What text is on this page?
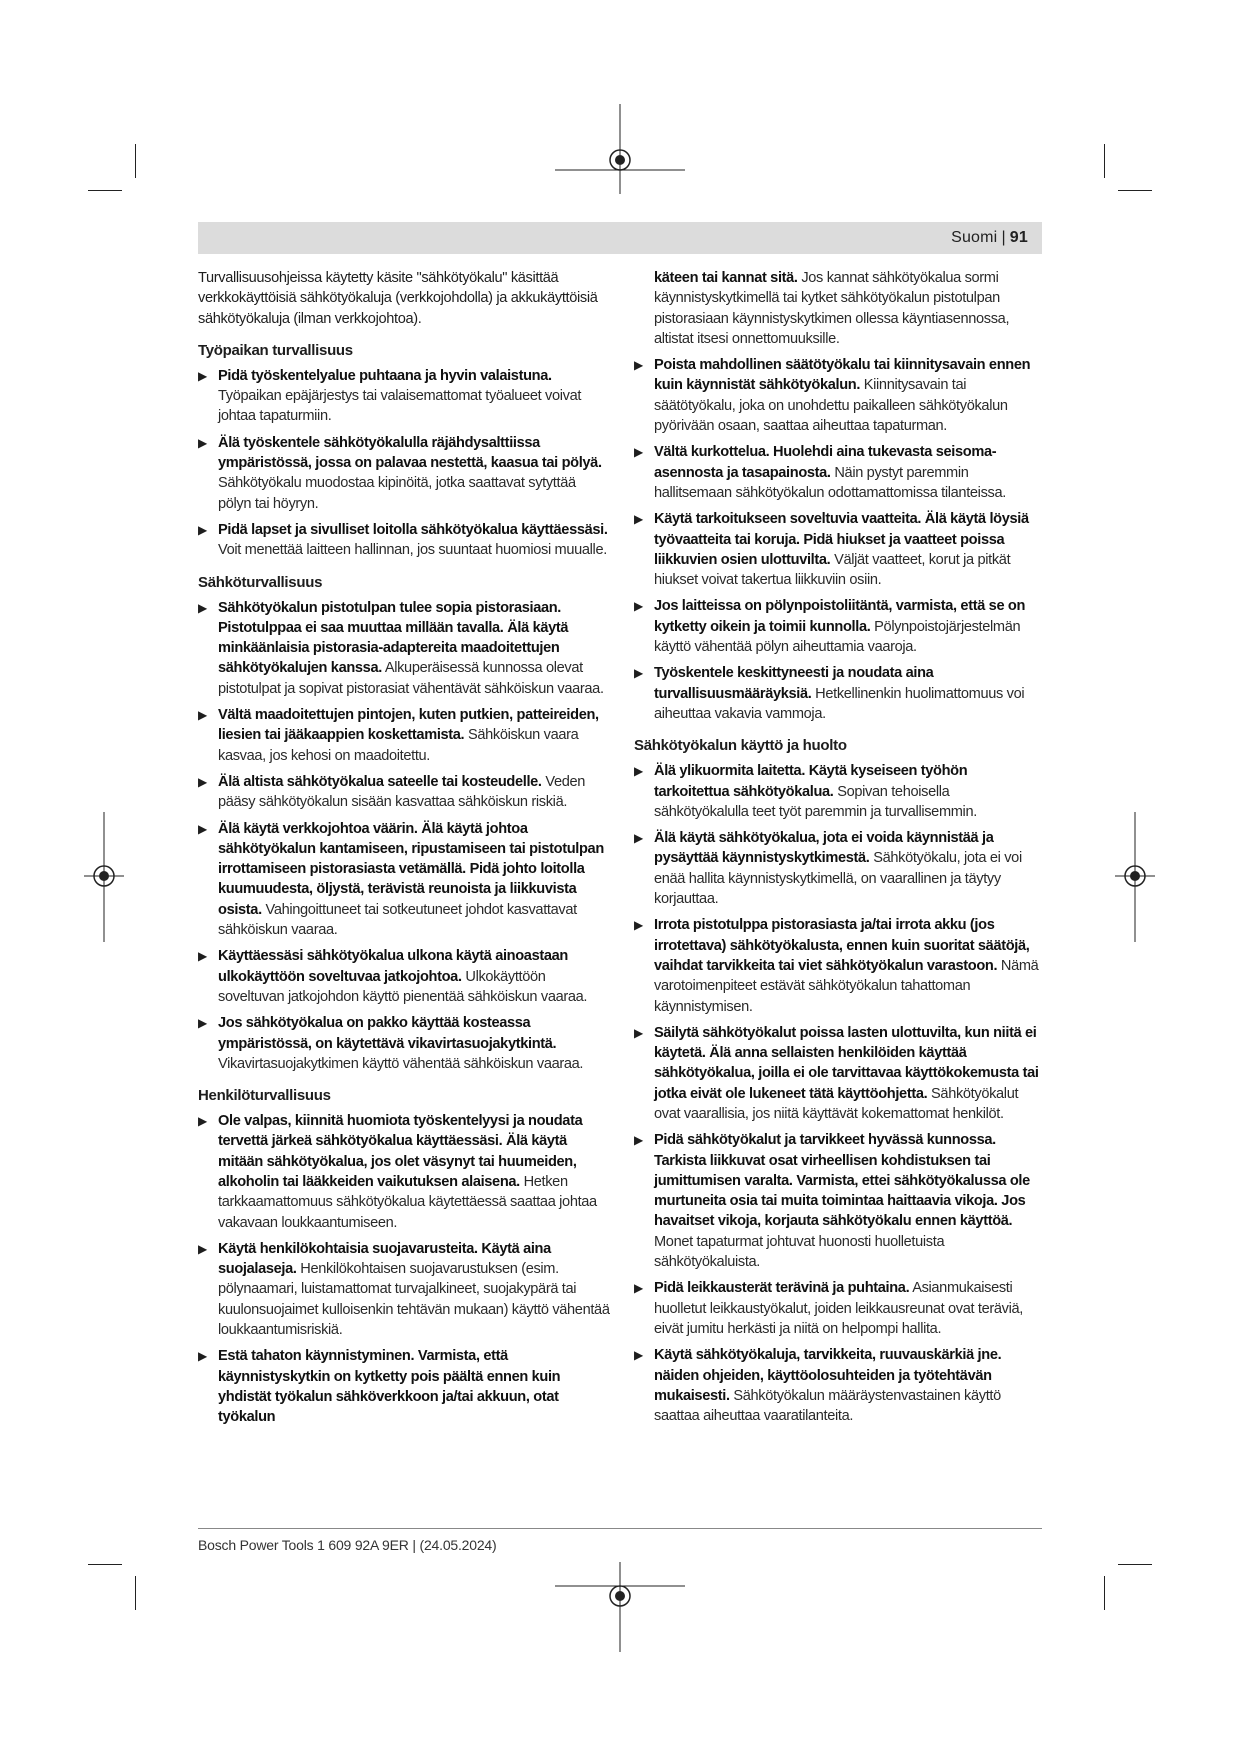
Suomi | 91

Turvallisuusohjeissa käytetty käsite "sähkötyökalu" käsittää verkkokäyttöisiä sähkötyökaluja (verkkojohdolla) ja akkukäyttöisiä sähkötyökaluja (ilman verkkojohtoa).

Työpaikan turvallisuus
▶ Pidä työskentelyalue puhtaana ja hyvin valaistuna. Työpaikan epäjärjestys tai valaisemattomat työalueet voivat johtaa tapaturmiin.
▶ Älä työskentele sähkötyökalulla räjähdysalttiissa ympäristössä, jossa on palavaa nestettä, kaasua tai pölyä. Sähkötyökalu muodostaa kipinöitä, jotka saattavat sytyttää pölyn tai höyryn.
▶ Pidä lapset ja sivulliset loitolla sähkötyökalua käyttäessäsi. Voit menettää laitteen hallinnan, jos suuntaat huomiosi muualle.
Sähköturvallisuus
▶ Sähkötyökalun pistotulpan tulee sopia pistorasiaan. Pistotulppaa ei saa muuttaa millään tavalla. Älä käytä minkäänlaisia pistorasia-adaptereita maadoitettujen sähkötyökalujen kanssa. Alkuperäisessä kunnossa olevat pistotulpat ja sopivat pistorasiat vähentävät sähköiskun vaaraa.
▶ Vältä maadoitettujen pintojen, kuten putkien, patteireiden, liesien tai jääkaappien koskettamista. Sähköiskun vaara kasvaa, jos kehosi on maadoitettu.
▶ Älä altista sähkötyökalua sateelle tai kosteudelle. Veden pääsy sähkötyökalun sisään kasvattaa sähköiskun riskiä.
▶ Älä käytä verkkojohtoa väärin. Älä käytä johtoa sähkötyökalun kantamiseen, ripustamiseen tai pistotulpan irrottamiseen pistorasiasta vetämällä. Pidä johto loitolla kuumuudesta, öljystä, terävistä reunoista ja liikkuvista osista. Vahingoittuneet tai sotkeutuneet johdot kasvattavat sähköiskun vaaraa.
▶ Käyttäessäsi sähkötyökalua ulkona käytä ainoastaan ulkokäyttöön soveltuvaa jatkojohtoa. Ulkokäyttöön soveltuvan jatkojohdon käyttö pienentää sähköiskun vaaraa.
▶ Jos sähkötyökalua on pakko käyttää kosteassa ympäristössä, on käytettävä vikavirtasuojakytkintä. Vikavirtasuojakytkimen käyttö vähentää sähköiskun vaaraa.
Henkilöturvallisuus
▶ Ole valpas, kiinnitä huomiota työskentelyysi ja noudata tervettä järkeä sähkötyökalua käyttäessäsi. Älä käytä mitään sähkötyökalua, jos olet väsynyt tai huumeiden, alkoholin tai lääkkeiden vaikutuksen alaisena. Hetken tarkkaamattomuus sähkötyökalua käytettäessä saattaa johtaa vakavaan loukkaantumiseen.
▶ Käytä henkilökohtaisia suojavarusteita. Käytä aina suojalaseja. Henkilökohtaisen suojavarustuksen (esim. pölynaamari, luistamattomat turvajalkineet, suojakypärä tai kuulonsuojaimet kulloisenkin tehtävän mukaan) käyttö vähentää loukkaantumisriskiä.
▶ Estä tahaton käynnistyminen. Varmista, että käynnistyskytkin on kytketty pois päältä ennen kuin yhdistät työkalun sähköverkkoon ja/tai akkuun, otat työkalun
käteen tai kannat sitä. Jos kannat sähkötyökalua sormi käynnistyskytkimellä tai kytket sähkötyökalun pistotulpan pistorasiaan käynnistyskytkimen ollessa käyntiasennossa, altistat itsesi onnettomuuksille.
▶ Poista mahdollinen säätötyökalu tai kiinnitysavain ennen kuin käynnistät sähkötyökalun. Kiinnitysavain tai säätötyökalu, joka on unohdettu paikalleen sähkötyökalun pyörivään osaan, saattaa aiheuttaa tapaturman.
▶ Vältä kurkottelua. Huolehdi aina tukevasta seisoma-asennosta ja tasapainosta. Näin pystyt paremmin hallitsemaan sähkötyökalun odottamattomissa tilanteissa.
▶ Käytä tarkoitukseen soveltuvia vaatteita. Älä käytä löysiä työvaatteita tai koruja. Pidä hiukset ja vaatteet poissa liikkuvien osien ulottuvilta. Väljät vaatteet, korut ja pitkät hiukset voivat takertua liikkuviin osiin.
▶ Jos laitteissa on pölynpoistoliitäntä, varmista, että se on kytketty oikein ja toimii kunnolla. Pölynpoistojärjestelmän käyttö vähentää pölyn aiheuttamia vaaroja.
▶ Työskentele keskittyneesti ja noudata aina turvallisuusmääräyksiä. Hetkellinenkin huolimattomuus voi aiheuttaa vakavia vammoja.
Sähkötyökalun käyttö ja huolto
▶ Älä ylikuormita laitetta. Käytä kyseiseen työhön tarkoitettua sähkötyökalua. Sopivan tehoisella sähkötyökalulla teet työt paremmin ja turvallisemmin.
▶ Älä käytä sähkötyökalua, jota ei voida käynnistää ja pysäyttää käynnistyskytkimestä. Sähkötyökalu, jota ei voi enää hallita käynnistyskytkimellä, on vaarallinen ja täytyy korjauttaa.
▶ Irrota pistotulppa pistorasiasta ja/tai irrota akku (jos irrotettava) sähkötyökalusta, ennen kuin suoritat säätöjä, vaihdat tarvikkeita tai viet sähkötyökalun varastoon. Nämä varotoimenpiteet estävät sähkötyökalun tahattoman käynnistymisen.
▶ Säilytä sähkötyökalut poissa lasten ulottuvilta, kun niitä ei käytetä. Älä anna sellaisten henkilöiden käyttää sähkötyökalua, joilla ei ole tarvittavaa käyttökokemusta tai jotka eivät ole lukeneet tätä käyttöohjetta. Sähkötyökalut ovat vaarallisia, jos niitä käyttävät kokemattomat henkilöt.
▶ Pidä sähkötyökalut ja tarvikkeet hyvässä kunnossa. Tarkista liikkuvat osat virheellisen kohdistuksen tai jumittumisen varalta. Varmista, ettei sähkötyökalussa ole murtuneita osia tai muita toimintaa haittaavia vikoja. Jos havaitset vikoja, korjauta sähkötyökalu ennen käyttöä. Monet tapaturmat johtuvat huonosti huolletuista sähkötyökaluista.
▶ Pidä leikkausterät terävinä ja puhtaina. Asianmukaisesti huolletut leikkaustyökalut, joiden leikkausreunat ovat teräviä, eivät jumitu herkästi ja niitä on helpompi hallita.
▶ Käytä sähkötyökaluja, tarvikkeita, ruuvauskärkiä jne. näiden ohjeiden, käyttöolosuhteiden ja työtehtävän mukaisesti. Sähkötyökalun määräystenvastainen käyttö saattaa aiheuttaa vaaratilanteita.
Bosch Power Tools 1 609 92A 9ER | (24.05.2024)
